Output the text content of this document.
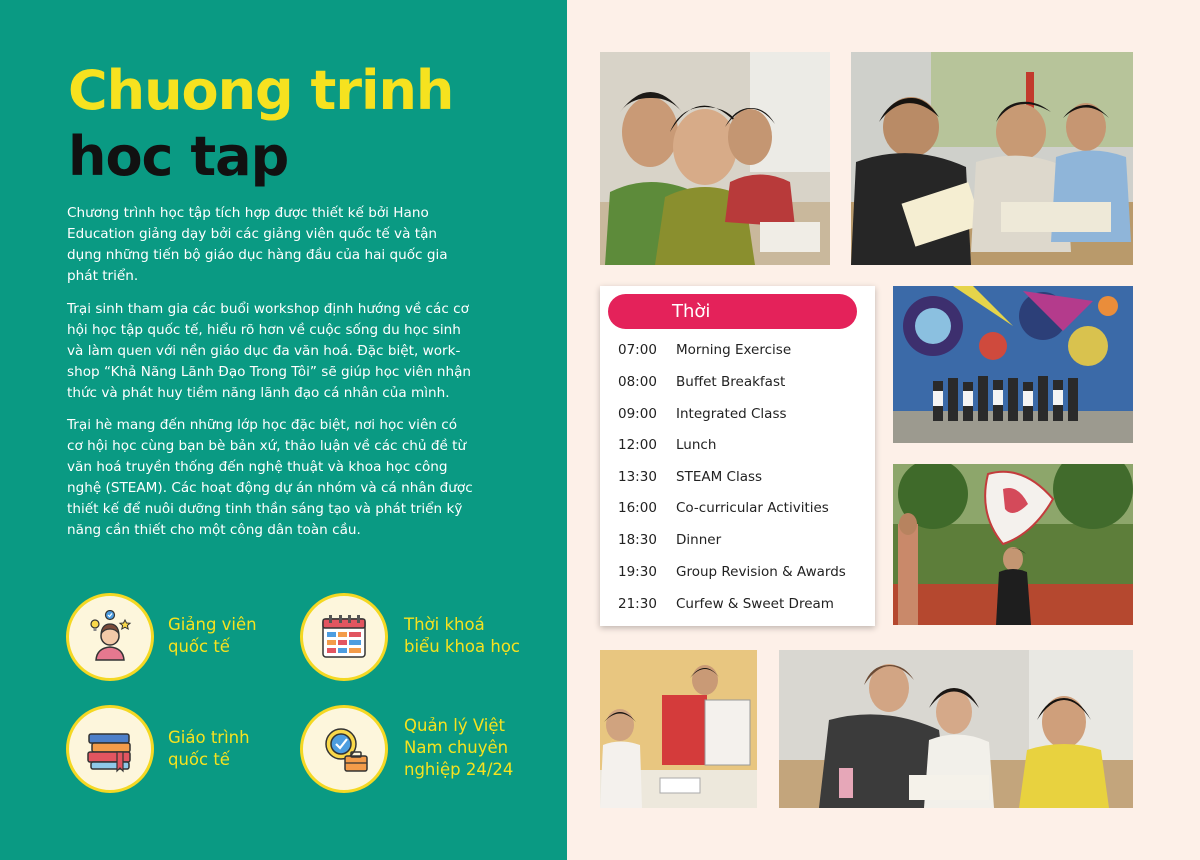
Chuong trinh
hoc tap
Chương trình học tập tích hợp được thiết kế bởi Hano
Education giảng dạy bởi các giảng viên quốc tế và tận
dụng những tiến bộ giáo dục hàng đầu của hai quốc gia
phát triển.
Trại sinh tham gia các buổi workshop định hướng về các cơ
hội học tập quốc tế, hiểu rõ hơn về cuộc sống du học sinh
và làm quen với nền giáo dục đa văn hoá. Đặc biệt, work-
shop “Khả Năng Lãnh Đạo Trong Tôi” sẽ giúp học viên nhận
thức và phát huy tiềm năng lãnh đạo cá nhân của mình.
Trại hè mang đến những lớp học đặc biệt, nơi học viên có
cơ hội học cùng bạn bè bản xứ, thảo luận về các chủ đề từ
văn hoá truyền thống đến nghệ thuật và khoa học công
nghệ (STEAM). Các hoạt động dự án nhóm và cá nhân được
thiết kế để nuôi dưỡng tinh thần sáng tạo và phát triển kỹ
năng cần thiết cho một công dân toàn cầu.
Giảng viên
quốc tế
Thời khoá
biểu khoa học
Giáo trình
quốc tế
Quản lý Việt
Nam chuyên
nghiệp 24/24
Thời
07:00	Morning Exercise
08:00	Buffet Breakfast
09:00	Integrated Class
12:00	Lunch
13:30	STEAM Class
16:00	Co-curricular Activities
18:30	Dinner
19:30	Group Revision & Awards
21:30	Curfew & Sweet Dream
